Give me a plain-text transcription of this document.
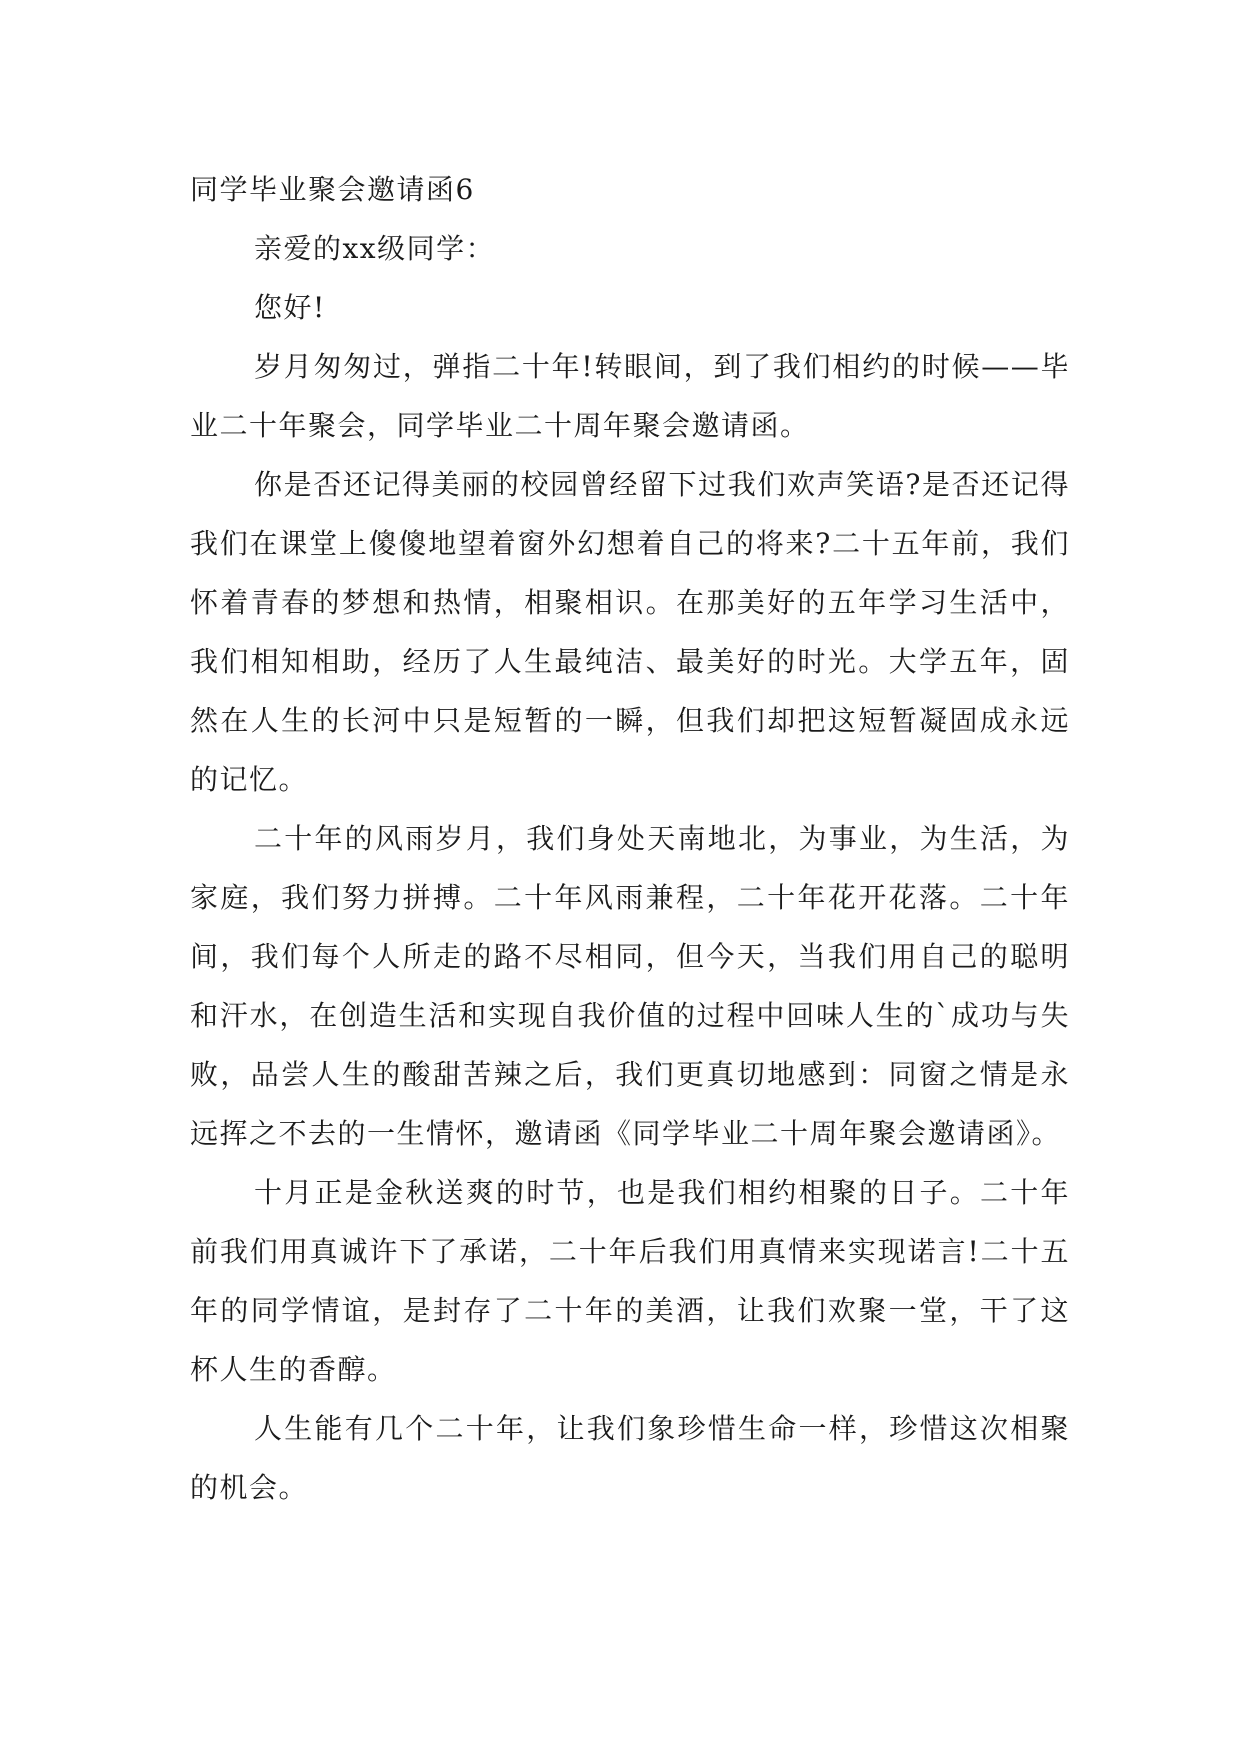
同学毕业聚会邀请函6

亲爱的xx级同学：

您好!

岁月匆匆过，弹指二十年!转眼间，到了我们相约的时候——毕业二十年聚会，同学毕业二十周年聚会邀请函。

你是否还记得美丽的校园曾经留下过我们欢声笑语?是否还记得我们在课堂上傻傻地望着窗外幻想着自己的将来?二十五年前，我们怀着青春的梦想和热情，相聚相识。在那美好的五年学习生活中，我们相知相助，经历了人生最纯洁、最美好的时光。大学五年，固然在人生的长河中只是短暂的一瞬，但我们却把这短暂凝固成永远的记忆。

二十年的风雨岁月，我们身处天南地北，为事业，为生活，为家庭，我们努力拼搏。二十年风雨兼程，二十年花开花落。二十年间，我们每个人所走的路不尽相同，但今天，当我们用自己的聪明和汗水，在创造生活和实现自我价值的过程中回味人生的`成功与失败，品尝人生的酸甜苦辣之后，我们更真切地感到：同窗之情是永远挥之不去的一生情怀，邀请函《同学毕业二十周年聚会邀请函》。

十月正是金秋送爽的时节，也是我们相约相聚的日子。二十年前我们用真诚许下了承诺，二十年后我们用真情来实现诺言!二十五年的同学情谊，是封存了二十年的美酒，让我们欢聚一堂，干了这杯人生的香醇。

人生能有几个二十年，让我们象珍惜生命一样，珍惜这次相聚的机会。
